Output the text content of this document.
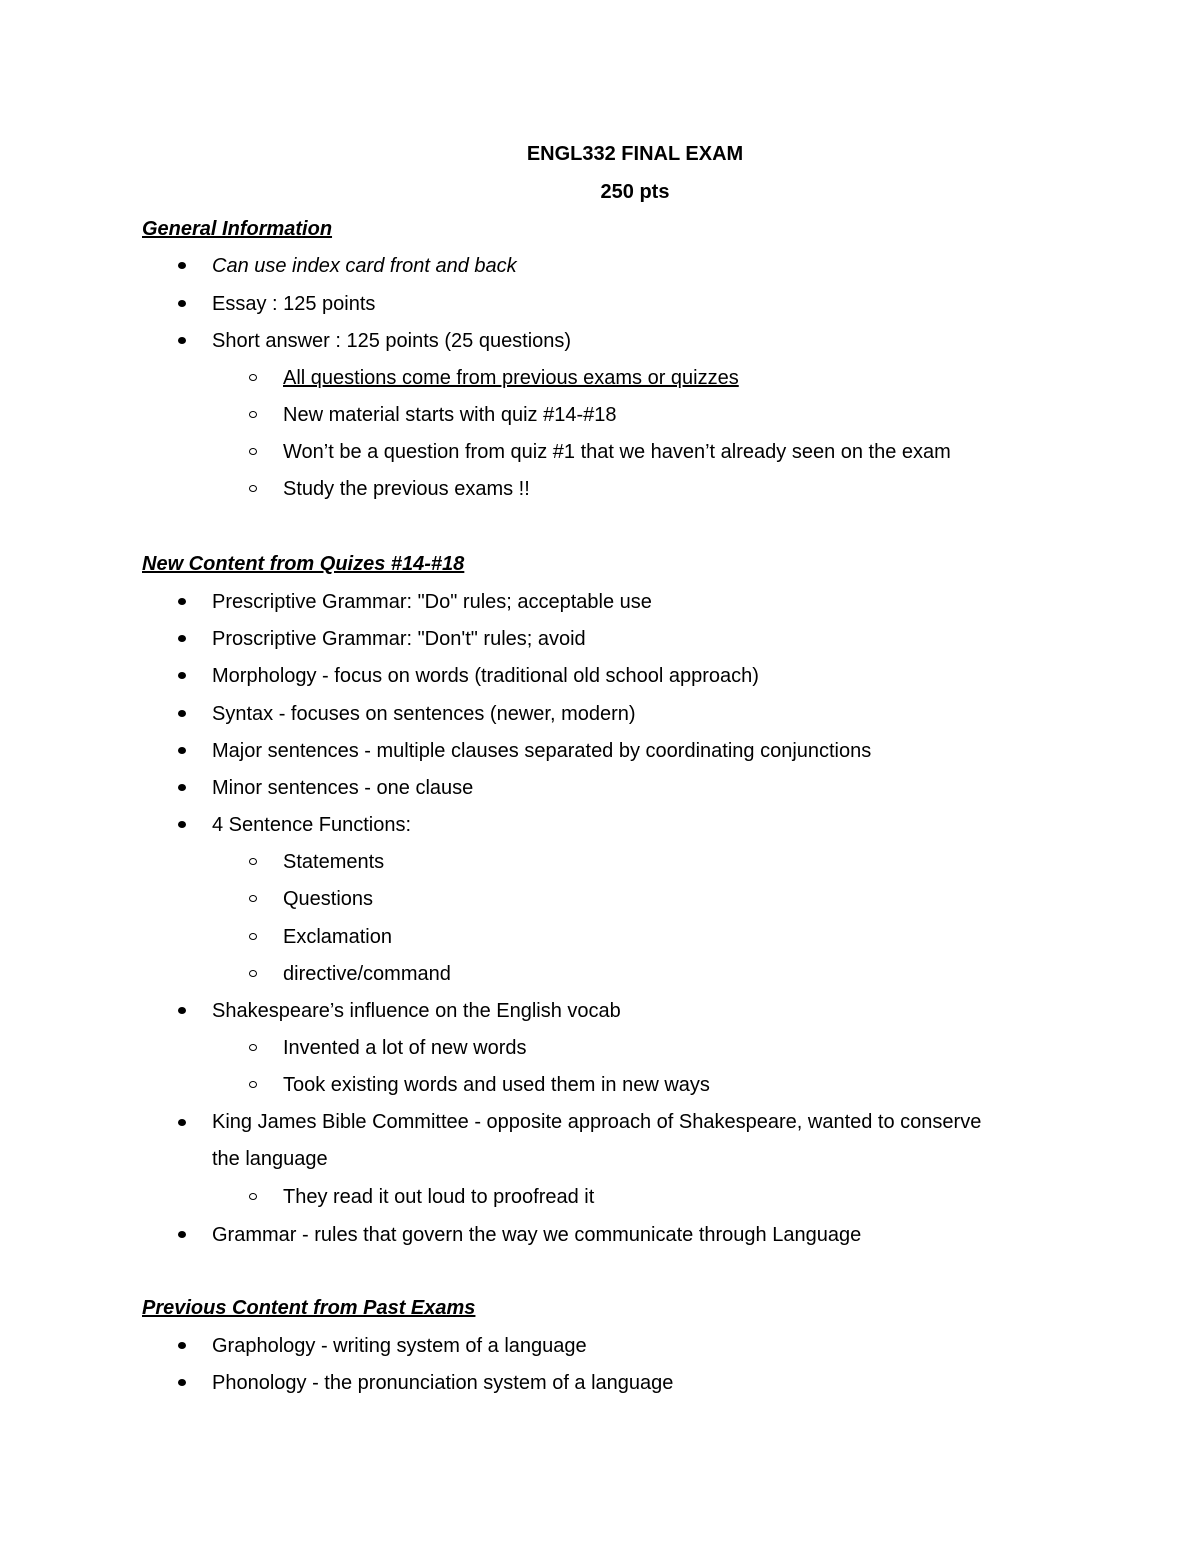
ENGL332 FINAL EXAM
250 pts
General Information
Can use index card front and back
Essay : 125 points
Short answer : 125 points (25 questions)
All questions come from previous exams or quizzes
New material starts with quiz #14-#18
Won’t be a question from quiz #1 that we haven’t already seen on the exam
Study the previous exams !!
New Content from Quizes #14-#18
Prescriptive Grammar: "Do" rules; acceptable use
Proscriptive Grammar: "Don't" rules; avoid
Morphology - focus on words (traditional old school approach)
Syntax - focuses on sentences (newer, modern)
Major sentences - multiple clauses separated by coordinating conjunctions
Minor sentences - one clause
4 Sentence Functions:
Statements
Questions
Exclamation
directive/command
Shakespeare’s influence on the English vocab
Invented a lot of new words
Took existing words and used them in new ways
King James Bible Committee - opposite approach of Shakespeare, wanted to conserve
the language
They read it out loud to proofread it
Grammar - rules that govern the way we communicate through Language
Previous Content from Past Exams
Graphology - writing system of a language
Phonology - the pronunciation system of a language
